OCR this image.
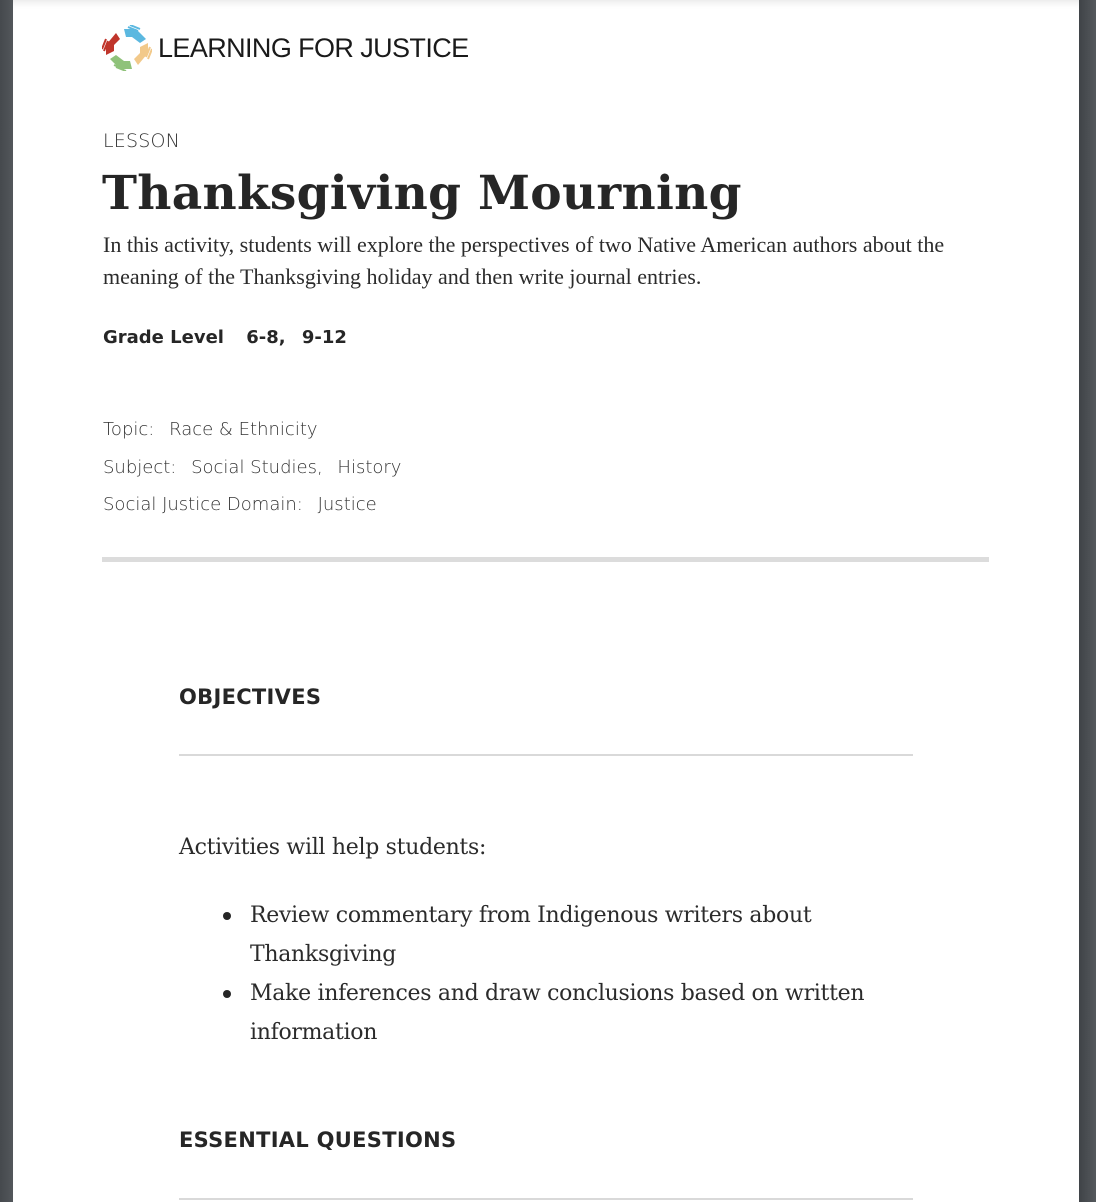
LEARNING FOR JUSTICE
LESSON
Thanksgiving Mourning

In this activity, students will explore the perspectives of two Native American authors about the meaning of the Thanksgiving holiday and then write journal entries.

Grade Level 6-8, 9-12
Topic: Race & Ethnicity
Subject: Social Studies, History
Social Justice Domain: Justice
OBJECTIVES

Activities will help students:

Review commentary from Indigenous writers about Thanksgiving
Make inferences and draw conclusions based on written information
ESSENTIAL QUESTIONS
